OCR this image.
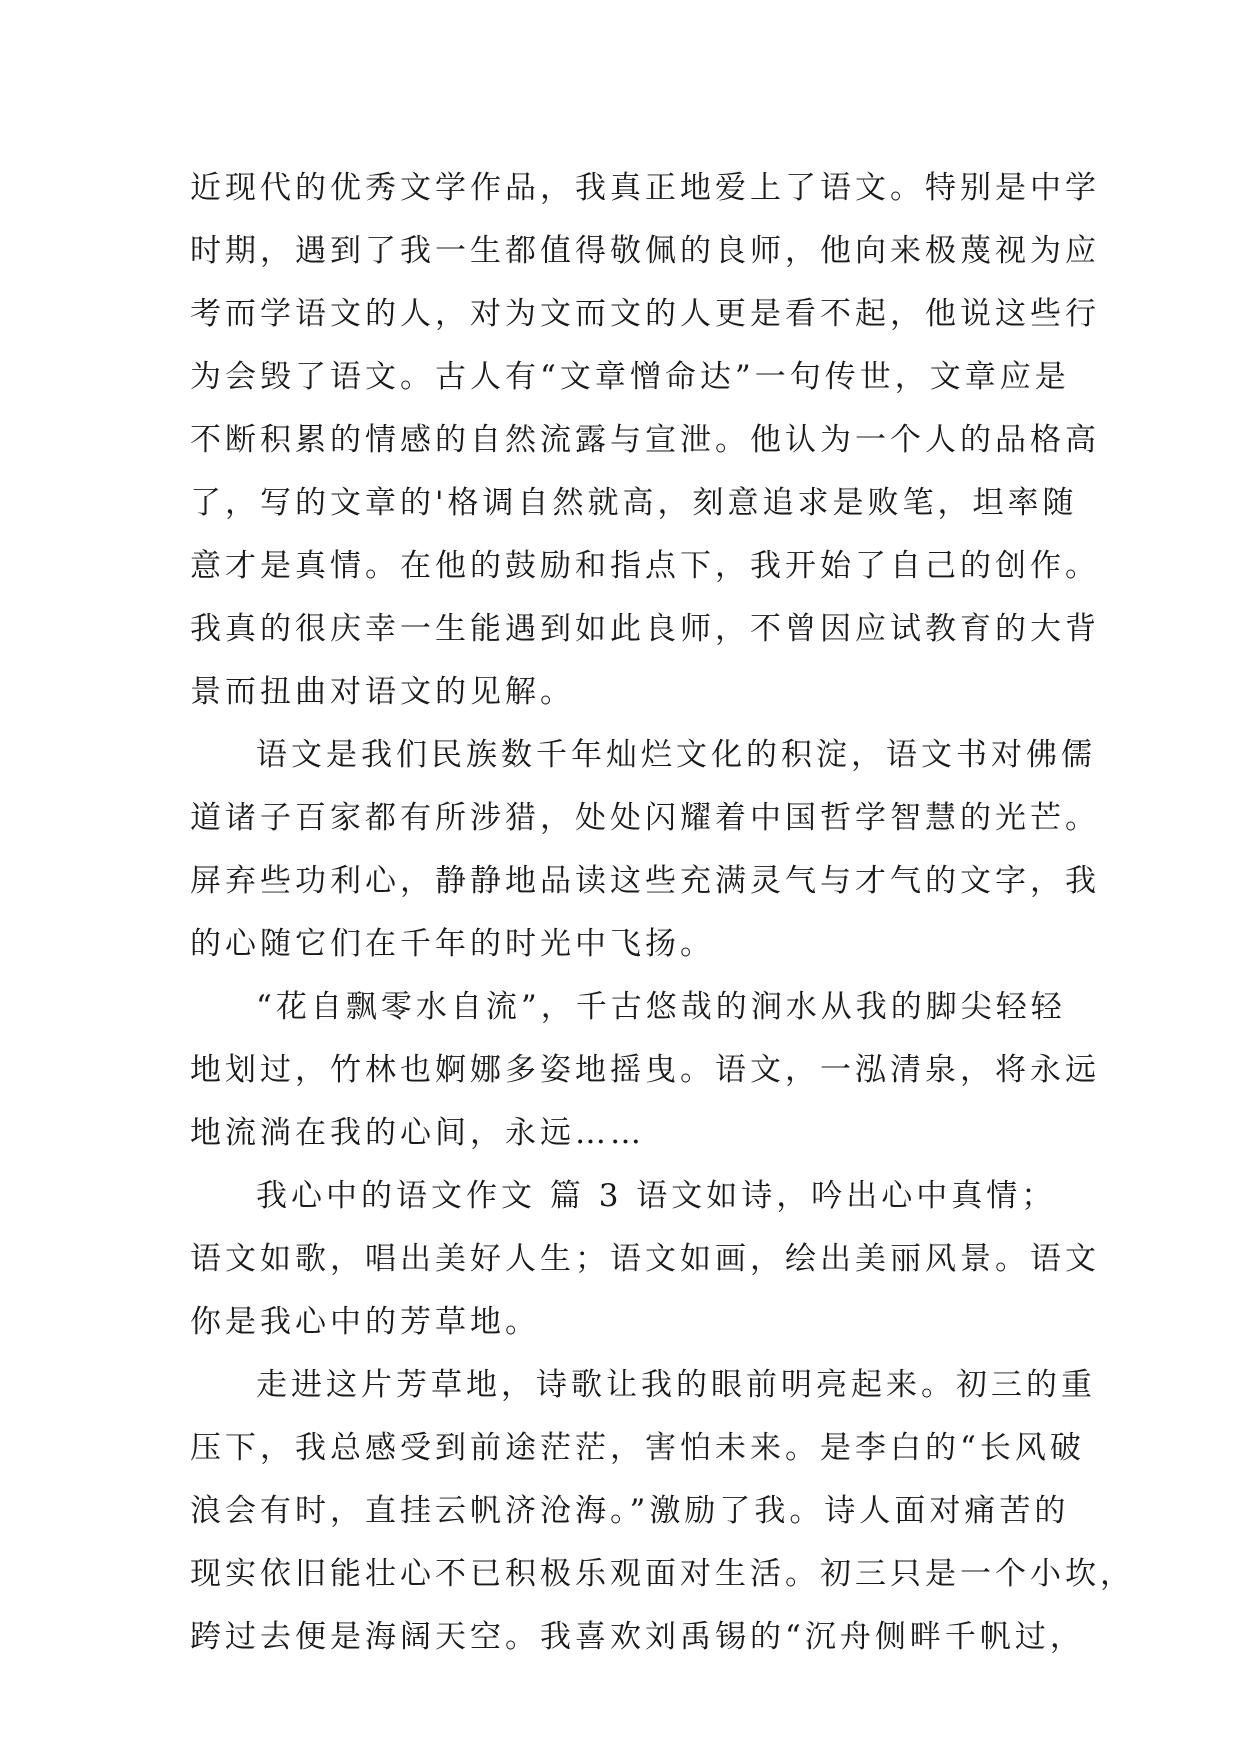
近现代的优秀文学作品，我真正地爱上了语文。特别是中学
时期，遇到了我一生都值得敬佩的良师，他向来极蔑视为应
考而学语文的人，对为文而文的人更是看不起，他说这些行
为会毁了语文。古人有“文章憎命达”一句传世，文章应是
不断积累的情感的自然流露与宣泄。他认为一个人的品格高
了，写的文章的'格调自然就高，刻意追求是败笔，坦率随
意才是真情。在他的鼓励和指点下，我开始了自己的创作。
我真的很庆幸一生能遇到如此良师，不曾因应试教育的大背
景而扭曲对语文的见解。
语文是我们民族数千年灿烂文化的积淀，语文书对佛儒
道诸子百家都有所涉猎，处处闪耀着中国哲学智慧的光芒。
屏弃些功利心，静静地品读这些充满灵气与才气的文字，我
的心随它们在千年的时光中飞扬。
“花自飘零水自流”，千古悠哉的涧水从我的脚尖轻轻
地划过，竹林也婀娜多姿地摇曳。语文，一泓清泉，将永远
地流淌在我的心间，永远……
我心中的语文作文 篇 3 语文如诗，吟出心中真情；
语文如歌，唱出美好人生；语文如画，绘出美丽风景。语文
你是我心中的芳草地。
走进这片芳草地，诗歌让我的眼前明亮起来。初三的重
压下，我总感受到前途茫茫，害怕未来。是李白的“长风破
浪会有时，直挂云帆济沧海。”激励了我。诗人面对痛苦的
现实依旧能壮心不已积极乐观面对生活。初三只是一个小坎，
跨过去便是海阔天空。我喜欢刘禹锡的“沉舟侧畔千帆过，
